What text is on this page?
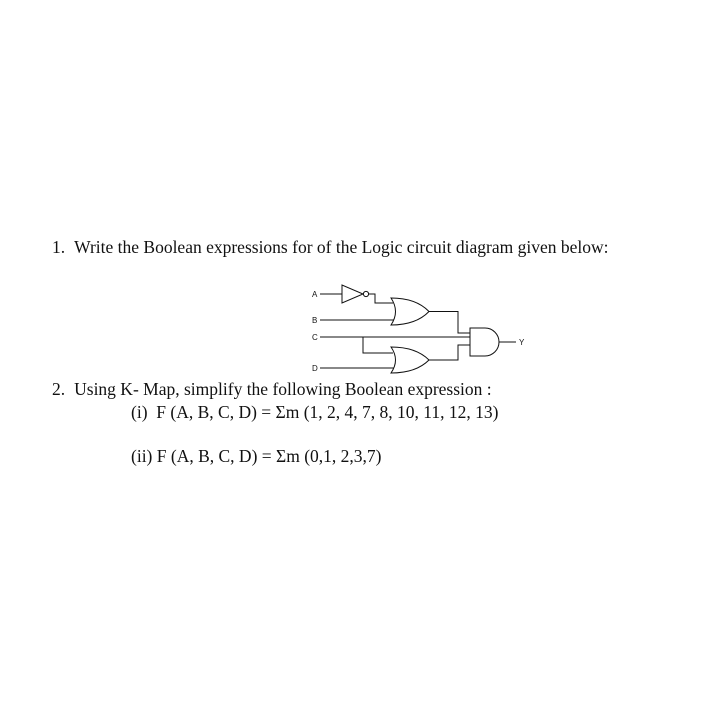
1. Write the Boolean expressions for of the Logic circuit diagram given below:
A
B
C
D
Y
2. Using K- Map, simplify the following Boolean expression :
(i) F (A, B, C, D) = Σm (1, 2, 4, 7, 8, 10, 11, 12, 13)
(ii) F (A, B, C, D) = Σm (0,1, 2,3,7)
